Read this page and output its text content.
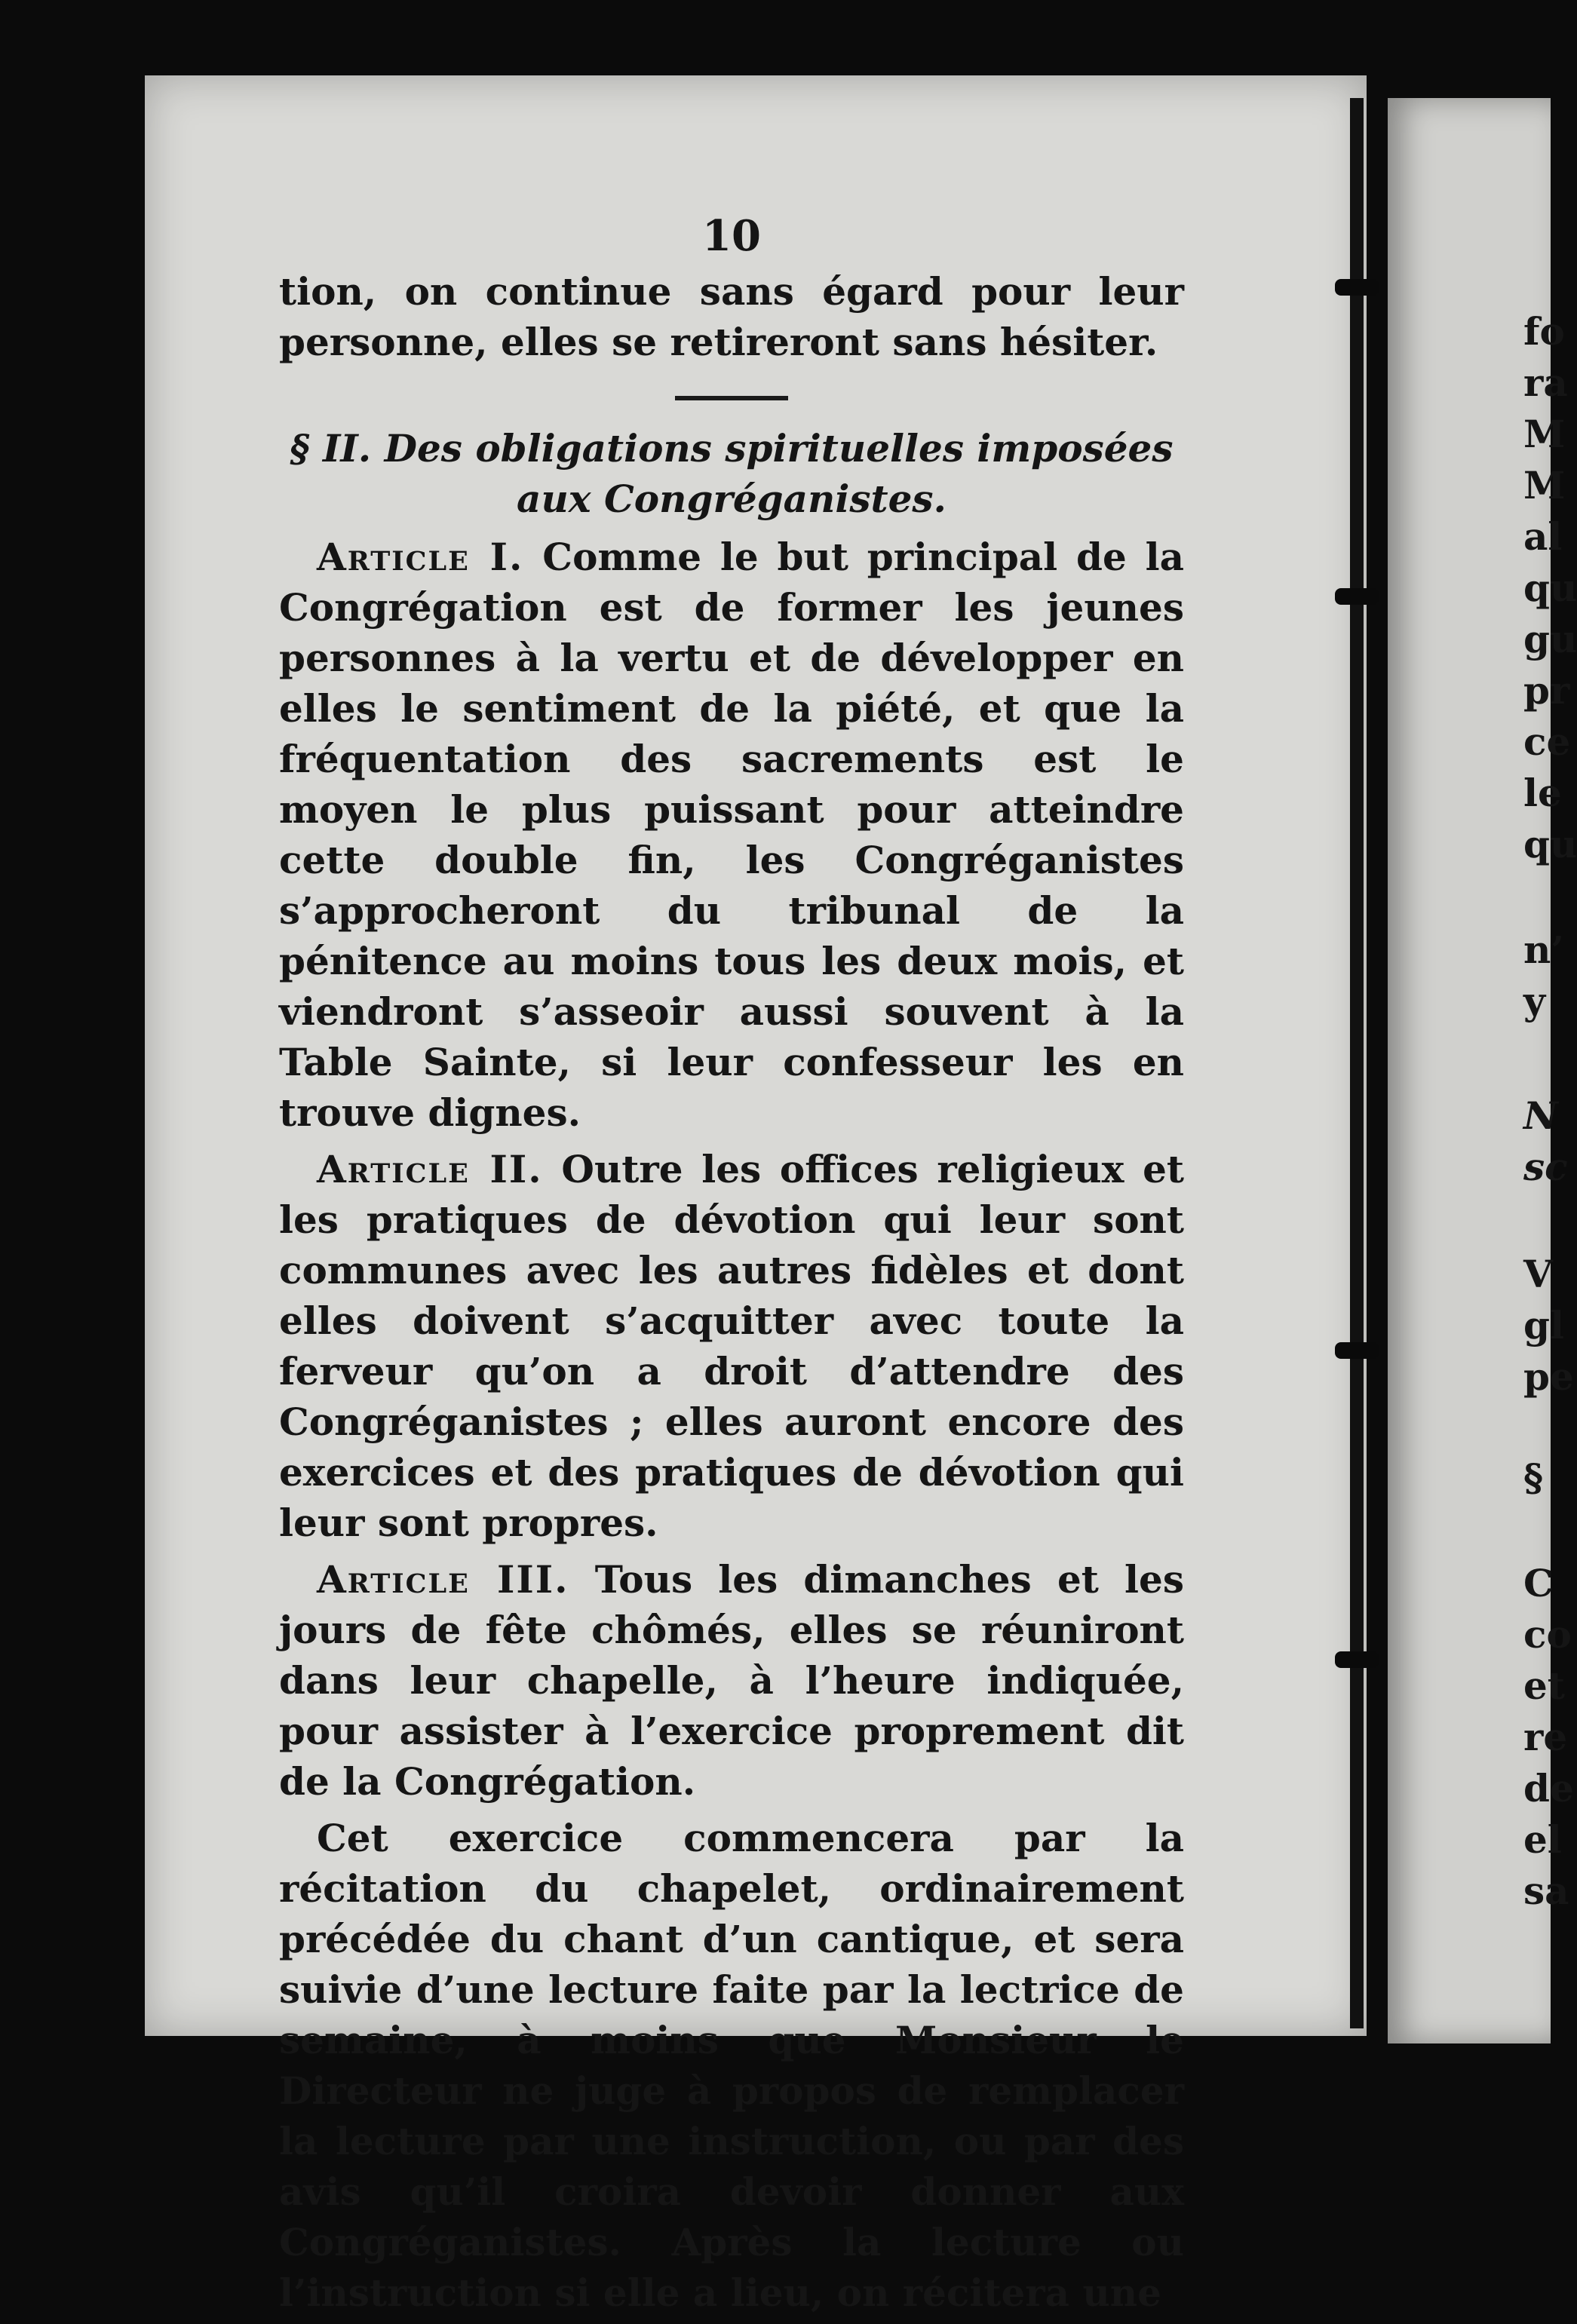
fo
ra
M
M
al
qu
gu
pr
ce
le
qu
n’
y
N
sc
V
gl
pe
§
C
co
et
re
de
el
sa
10

tion, on continue sans égard pour leur personne, elles se retireront sans hésiter.

§ II. Des obligations spirituelles imposées aux Congréganistes.

Article I. Comme le but principal de la Congrégation est de former les jeunes personnes à la vertu et de développer en elles le sentiment de la piété, et que la fréquentation des sacrements est le moyen le plus puissant pour atteindre cette double fin, les Congréganistes s’approcheront du tribunal de la pénitence au moins tous les deux mois, et viendront s’asseoir aussi souvent à la Table Sainte, si leur confesseur les en trouve dignes.

Article II. Outre les offices religieux et les pratiques de dévotion qui leur sont communes avec les autres fidèles et dont elles doivent s’acquitter avec toute la ferveur qu’on a droit d’attendre des Congréganistes ; elles auront encore des exercices et des pratiques de dévotion qui leur sont propres.

Article III. Tous les dimanches et les jours de fête chômés, elles se réuniront dans leur chapelle, à l’heure indiquée, pour assister à l’exercice proprement dit de la Congrégation.

Cet exercice commencera par la récitation du chapelet, ordinairement précédée du chant d’un cantique, et sera suivie d’une lecture faite par la lectrice de semaine, à moins que Monsieur le Directeur ne juge à propos de remplacer la lecture par une instruction, ou par des avis qu’il croira devoir donner aux Congréganistes. Après la lecture ou l’instruction si elle a lieu, on récitera une
